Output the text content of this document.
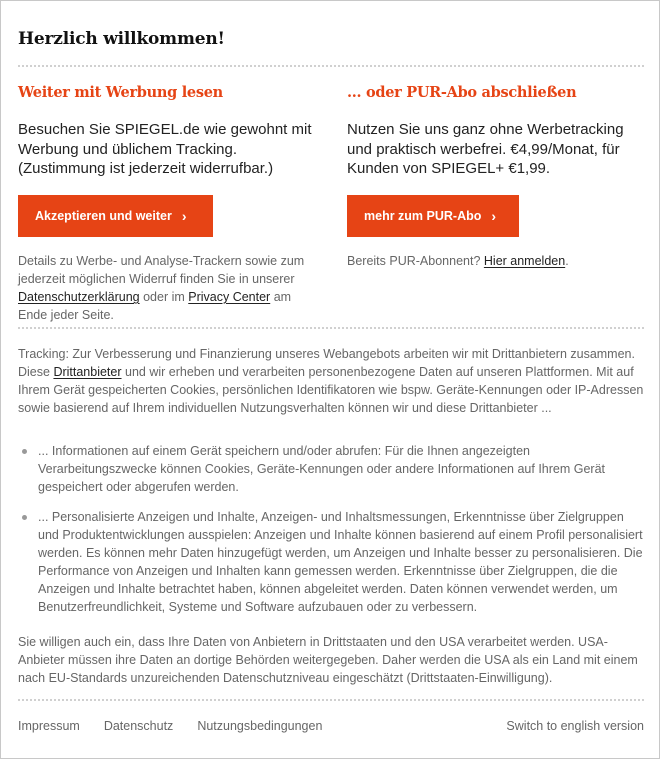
Herzlich willkommen!
Weiter mit Werbung lesen
Besuchen Sie SPIEGEL.de wie gewohnt mit Werbung und üblichem Tracking. (Zustimmung ist jederzeit widerrufbar.)
... oder PUR-Abo abschließen
Nutzen Sie uns ganz ohne Werbetracking und praktisch werbefrei. €4,99/Monat, für Kunden von SPIEGEL+ €1,99.
Akzeptieren und weiter ›	mehr zum PUR-Abo ›
Details zu Werbe- und Analyse-Trackern sowie zum jederzeit möglichen Widerruf finden Sie in unserer Datenschutzerklärung oder im Privacy Center am Ende jeder Seite.
Bereits PUR-Abonnent? Hier anmelden.
Tracking: Zur Verbesserung und Finanzierung unseres Webangebots arbeiten wir mit Drittanbietern zusammen. Diese Drittanbieter und wir erheben und verarbeiten personenbezogene Daten auf unseren Plattformen. Mit auf Ihrem Gerät gespeicherten Cookies, persönlichen Identifikatoren wie bspw. Geräte-Kennungen oder IP-Adressen sowie basierend auf Ihrem individuellen Nutzungsverhalten können wir und diese Drittanbieter ...
... Informationen auf einem Gerät speichern und/oder abrufen: Für die Ihnen angezeigten Verarbeitungszwecke können Cookies, Geräte-Kennungen oder andere Informationen auf Ihrem Gerät gespeichert oder abgerufen werden.
... Personalisierte Anzeigen und Inhalte, Anzeigen- und Inhaltsmessungen, Erkenntnisse über Zielgruppen und Produktentwicklungen ausspielen: Anzeigen und Inhalte können basierend auf einem Profil personalisiert werden. Es können mehr Daten hinzugefügt werden, um Anzeigen und Inhalte besser zu personalisieren. Die Performance von Anzeigen und Inhalten kann gemessen werden. Erkenntnisse über Zielgruppen, die die Anzeigen und Inhalte betrachtet haben, können abgeleitet werden. Daten können verwendet werden, um Benutzerfreundlichkeit, Systeme und Software aufzubauen oder zu verbessern.
Sie willigen auch ein, dass Ihre Daten von Anbietern in Drittstaaten und den USA verarbeitet werden. USA-Anbieter müssen ihre Daten an dortige Behörden weitergegeben. Daher werden die USA als ein Land mit einem nach EU-Standards unzureichenden Datenschutzniveau eingeschätzt (Drittstaaten-Einwilligung).
Impressum Datenschutz Nutzungsbedingungen	Switch to english version
